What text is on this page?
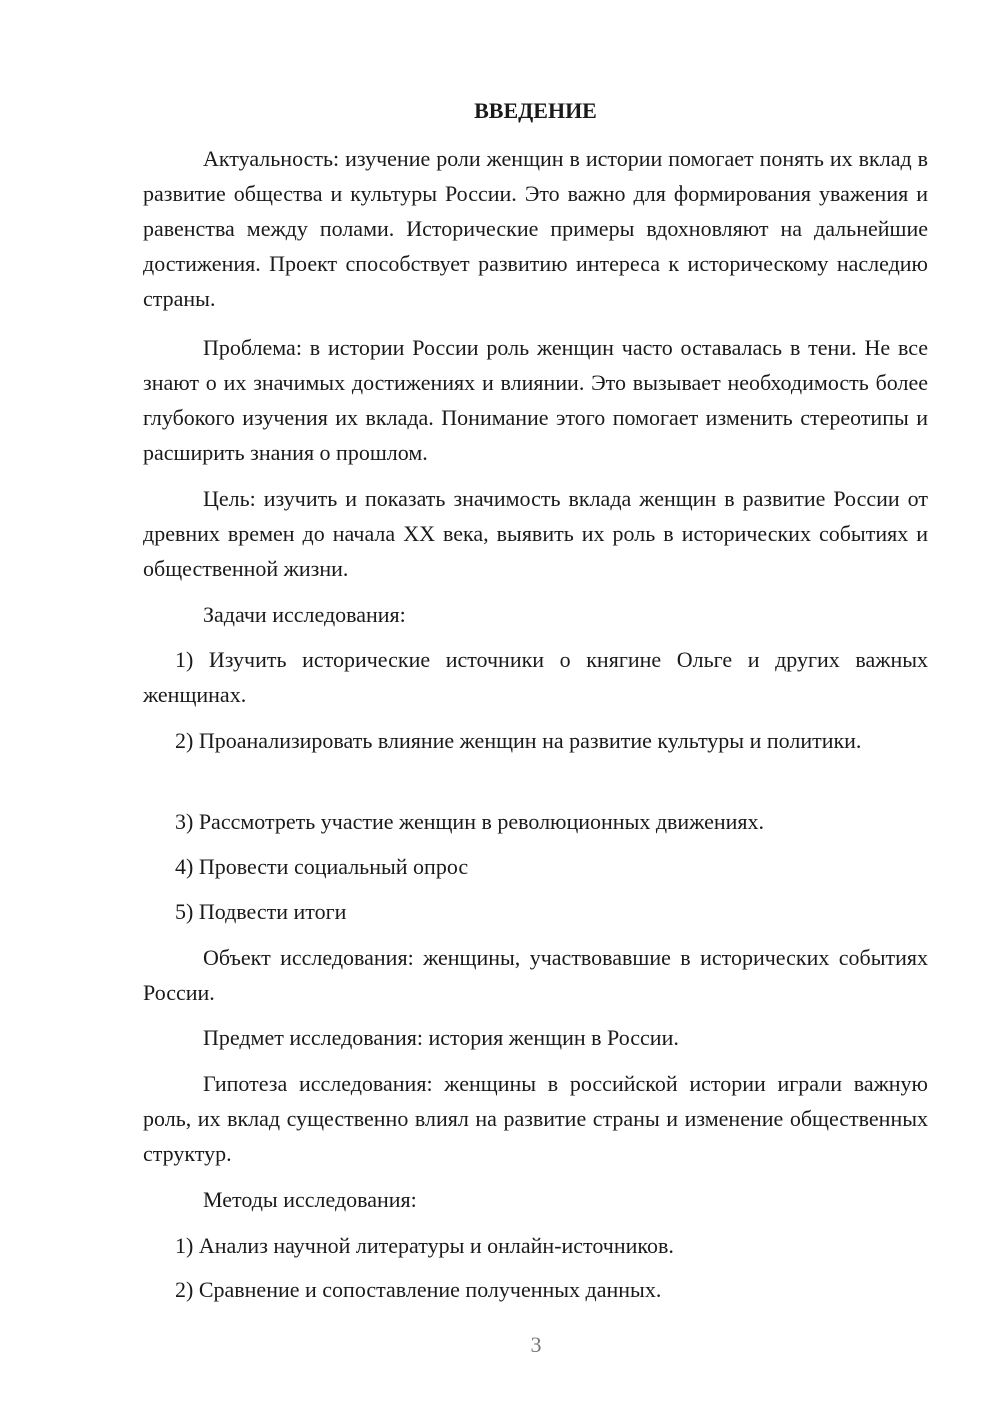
ВВЕДЕНИЕ

Актуальность: изучение роли женщин в истории помогает понять их вклад в развитие общества и культуры России. Это важно для формирования уважения и равенства между полами. Исторические примеры вдохновляют на дальнейшие достижения. Проект способствует развитию интереса к историческому наследию страны.

Проблема: в истории России роль женщин часто оставалась в тени. Не все знают о их значимых достижениях и влиянии. Это вызывает необходимость более глубокого изучения их вклада. Понимание этого помогает изменить стереотипы и расширить знания о прошлом.

Цель: изучить и показать значимость вклада женщин в развитие России от древних времен до начала XX века, выявить их роль в исторических событиях и общественной жизни.

Задачи исследования:

1) Изучить исторические источники о княгине Ольге и других важных женщинах.

2) Проанализировать влияние женщин на развитие культуры и политики.

3) Рассмотреть участие женщин в революционных движениях.

4) Провести социальный опрос

5) Подвести итоги

Объект исследования: женщины, участвовавшие в исторических событиях России.

Предмет исследования: история женщин в России.

Гипотеза исследования: женщины в российской истории играли важную роль, их вклад существенно влиял на развитие страны и изменение общественных структур.

Методы исследования:

1) Анализ научной литературы и онлайн-источников.

2) Сравнение и сопоставление полученных данных.

3
